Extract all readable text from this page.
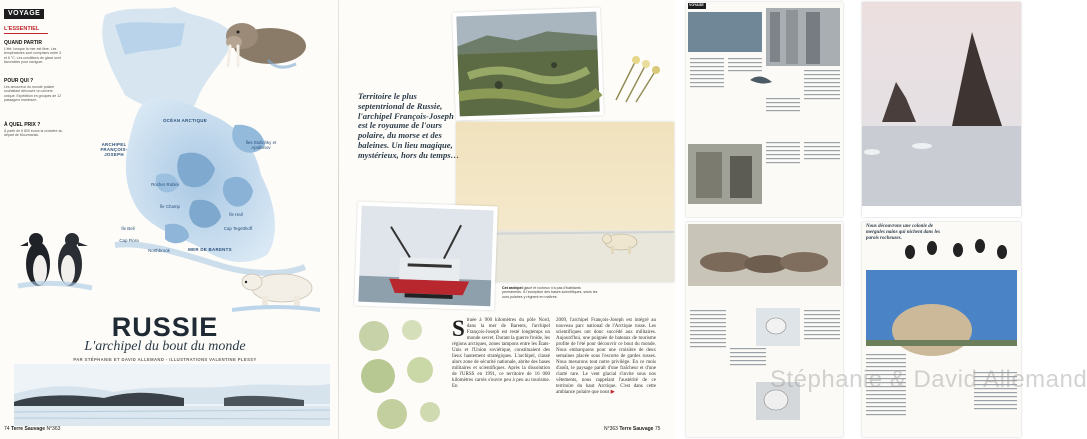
VOYAGE
L'ESSENTIEL
QUAND PARTIR

L'été, lorsque la mer est libre. Les températures sont comprises entre 3 et 6 °C. Les conditions de glace sont favorables pour naviguer.

POUR QUI ?

Les amoureux du monde polaire souhaitant découvrir un univers unique. Expédition en groupes de 12 passagers maximum.

À QUEL PRIX ?

À partir de 6 800 euros la croisière au départ de Mourmansk.

OCÉAN ARCTIQUE
ARCHIPEL FRANÇOIS-JOSEPH
Rocher Rubini
Îles Stolichky et Apollonov
Cap Tegetthoff
Cap Flora
Northbrook
Île Hall
Île Bell
MER DE BARENTS
Île Champ
RUSSIE
L'archipel du bout du monde
PAR STÉPHANIE ET DAVID ALLEMAND - ILLUSTRATIONS VALENTINE PLESSY
74 Terre Sauvage N°363
Territoire le plus septentrional de Russie, l'archipel François-Joseph est le royaume de l'ours polaire, du morse et des baleines. Un lieu magique, mystérieux, hors du temps…
Cet archipel glacé et rocheux n'a pas d'habitants permanents. À l'exception des bases scientifiques, seuls les ours polaires y règnent en maîtres.
Située à 900 kilomètres du pôle Nord, dans la mer de Barents, l'archipel François-Joseph est resté longtemps un monde secret. Durant la guerre froide, les régions arctiques, zones tampons entre les États-Unis et l'Union soviétique, constituaient des lieux hautement stratégiques. L'archipel, classé alors zone de sécurité nationale, abrite des bases militaires et scientifiques. Après la dissolution de l'URSS en 1991, ce territoire de 16 000 kilomètres carrés s'ouvre peu à peu au tourisme. En
2009, l'archipel François-Joseph est intégré au nouveau parc national de l'Arctique russe. Les scientifiques ont donc succédé aux militaires. Aujourd'hui, une poignée de bateaux de tourisme profite de l'été pour découvrir ce bout du monde. Nous embarquons pour une croisière de deux semaines placée sous l'escorte de gardes russes. Nous mesurons tout notre privilège. En ce mois d'août, le paysage paraît d'une fraîcheur et d'une clarté rare. Le vent glacial s'invite sous nos vêtements, nous rappelant l'austérité de ce territoire du haut Arctique. C'est dans cette ambiance polaire que nous ▶
N°363 Terre Sauvage 75
Nous découvrons une colonie de mergules nains qui nichent dans les parois rocheuses.
VOYAGE
Stéphanie & David Allemand
